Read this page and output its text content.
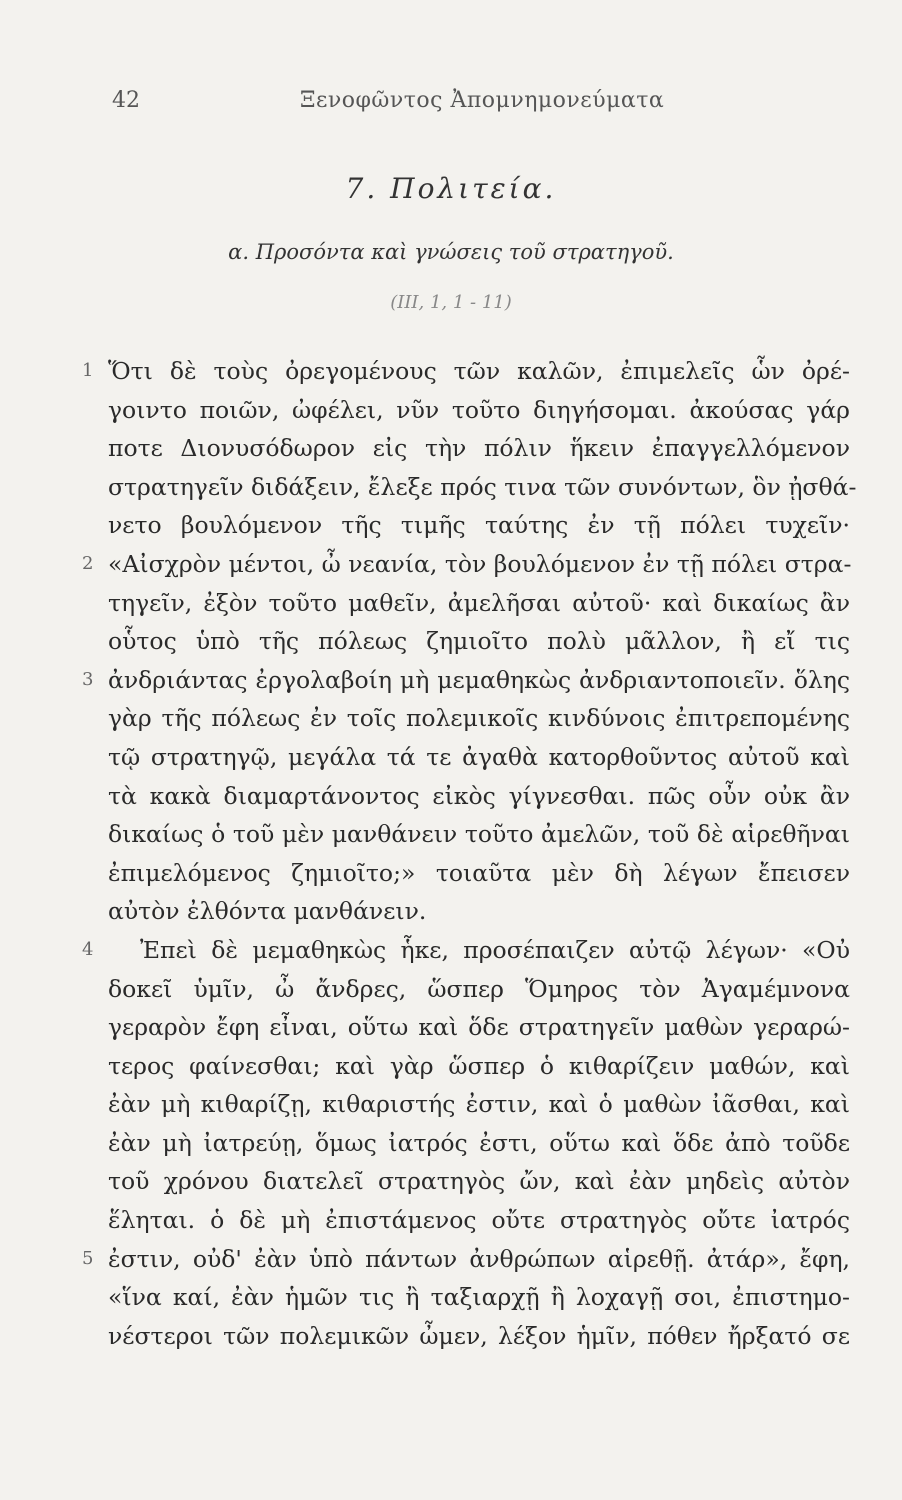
42	Ξενοφῶντος Ἀπομνημονεύματα
7. Πολιτεία.
α. Προσόντα καὶ γνώσεις τοῦ στρατηγοῦ.
(III, 1, 1 - 11)
1 Ὅτι δὲ τοὺς ὀρεγομένους τῶν καλῶν, ἐπιμελεῖς ὧν ὀρέ-
γοιντο ποιῶν, ὠφέλει, νῦν τοῦτο διηγήσομαι. ἀκούσας γάρ
ποτε Διονυσόδωρον εἰς τὴν πόλιν ἥκειν ἐπαγγελλόμενον
στρατηγεῖν διδάξειν, ἔλεξε πρός τινα τῶν συνόντων, ὃν ᾐσθά-
νετο βουλόμενον τῆς τιμῆς ταύτης ἐν τῇ πόλει τυχεῖν·
2 «Αἰσχρὸν μέντοι, ὦ νεανία, τὸν βουλόμενον ἐν τῇ πόλει στρα-
τηγεῖν, ἐξὸν τοῦτο μαθεῖν, ἀμελῆσαι αὐτοῦ· καὶ δικαίως ἂν
οὗτος ὑπὸ τῆς πόλεως ζημιοῖτο πολὺ μᾶλλον, ἢ εἴ τις
3 ἀνδριάντας ἐργολαβοίη μὴ μεμαθηκὼς ἀνδριαντοποιεῖν. ὅλης
γὰρ τῆς πόλεως ἐν τοῖς πολεμικοῖς κινδύνοις ἐπιτρεπομένης
τῷ στρατηγῷ, μεγάλα τά τε ἀγαθὰ κατορθοῦντος αὐτοῦ καὶ
τὰ κακὰ διαμαρτάνοντος εἰκὸς γίγνεσθαι. πῶς οὖν οὐκ ἂν
δικαίως ὁ τοῦ μὲν μανθάνειν τοῦτο ἀμελῶν, τοῦ δὲ αἱρεθῆναι
ἐπιμελόμενος ζημιοῖτο;» τοιαῦτα μὲν δὴ λέγων ἔπεισεν
αὐτὸν ἐλθόντα μανθάνειν.
4 Ἐπεὶ δὲ μεμαθηκὼς ἧκε, προσέπαιζεν αὐτῷ λέγων· «Οὐ
δοκεῖ ὑμῖν, ὦ ἄνδρες, ὥσπερ Ὅμηρος τὸν Ἀγαμέμνονα
γεραρὸν ἔφη εἶναι, οὕτω καὶ ὅδε στρατηγεῖν μαθὼν γεραρώ-
τερος φαίνεσθαι; καὶ γὰρ ὥσπερ ὁ κιθαρίζειν μαθών, καὶ
ἐὰν μὴ κιθαρίζῃ, κιθαριστής ἐστιν, καὶ ὁ μαθὼν ἰᾶσθαι, καὶ
ἐὰν μὴ ἰατρεύῃ, ὅμως ἰατρός ἐστι, οὕτω καὶ ὅδε ἀπὸ τοῦδε
τοῦ χρόνου διατελεῖ στρατηγὸς ὤν, καὶ ἐὰν μηδεὶς αὐτὸν
ἕληται. ὁ δὲ μὴ ἐπιστάμενος οὔτε στρατηγὸς οὔτε ἰατρός
5 ἐστιν, οὐδ' ἐὰν ὑπὸ πάντων ἀνθρώπων αἱρεθῇ. ἀτάρ», ἔφη,
«ἵνα καί, ἐὰν ἡμῶν τις ἢ ταξιαρχῇ ἢ λοχαγῇ σοι, ἐπιστημο-
νέστεροι τῶν πολεμικῶν ὦμεν, λέξον ἡμῖν, πόθεν ἤρξατό σε
